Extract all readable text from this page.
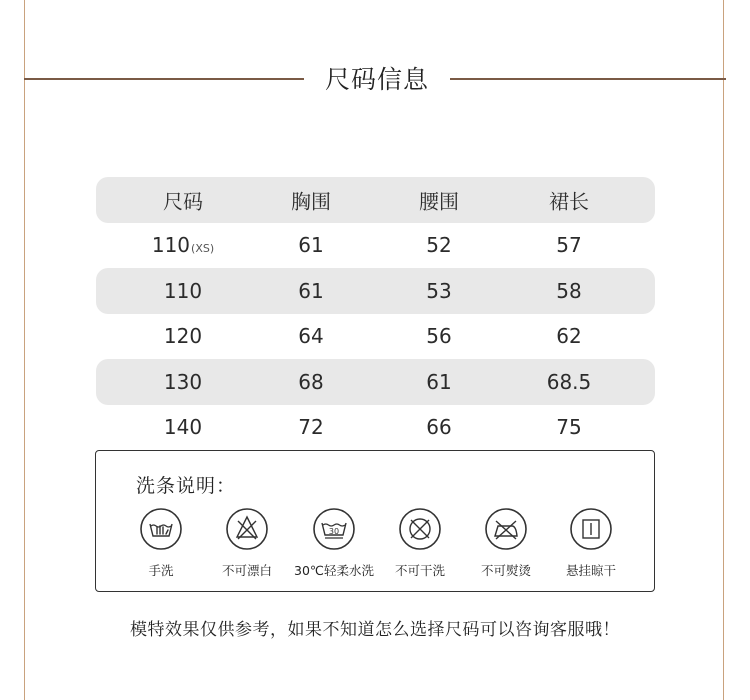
尺码信息
尺码	胸围	腰围	裙长
110(XS)	61	52	57
110	61	53	58
120	64	56	62
130	68	61	68.5
140	72	66	75
洗条说明：
手洗	不可漂白
30
30℃轻柔水洗	不可干洗	不可熨烫	悬挂晾干
模特效果仅供参考，如果不知道怎么选择尺码可以咨询客服哦！
